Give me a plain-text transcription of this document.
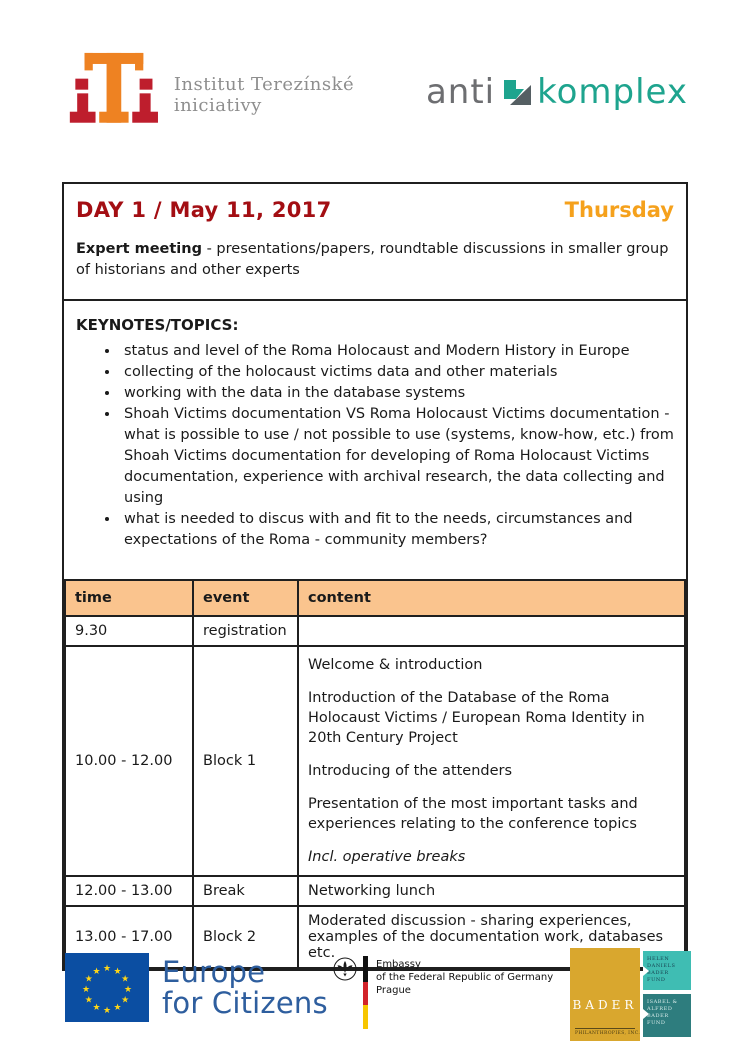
Institut Terezínské iniciativy	anti komplex
DAY 1 / May 11, 2017	Thursday

Expert meeting - presentations/papers, roundtable discussions in smaller group of historians and other experts

KEYNOTES/TOPICS:
• status and level of the Roma Holocaust and Modern History in Europe
• collecting of the holocaust victims data and other materials
• working with the data in the database systems
• Shoah Victims documentation VS Roma Holocaust Victims documentation - what is possible to use / not possible to use (systems, know-how, etc.) from Shoah Victims documentation for developing of Roma Holocaust Victims documentation, experience with archival research, the data collecting and using
• what is needed to discus with and fit to the needs, circumstances and expectations of the Roma - community members?
time	event	content
9.30	registration	
10.00 - 12.00	Block 1	Welcome & introduction

Introduction of the Database of the Roma Holocaust Victims / European Roma Identity in 20th Century Project

Introducing of the attenders

Presentation of the most important tasks and experiences relating to the conference topics

Incl. operative breaks

12.00 - 13.00	Break	Networking lunch
13.00 - 17.00	Block 2	Moderated discussion - sharing experiences, examples of the documentation work, databases etc.
★ ★
★
★
★
★
★
★
★
★
★
★ Europe
for Citizens
Embassy
of the Federal Republic of Germany
Prague
BADER
PHILANTHROPIES, INC.
HELEN DANIELS BADER FUND
ISABEL & ALFRED BADER FUND
